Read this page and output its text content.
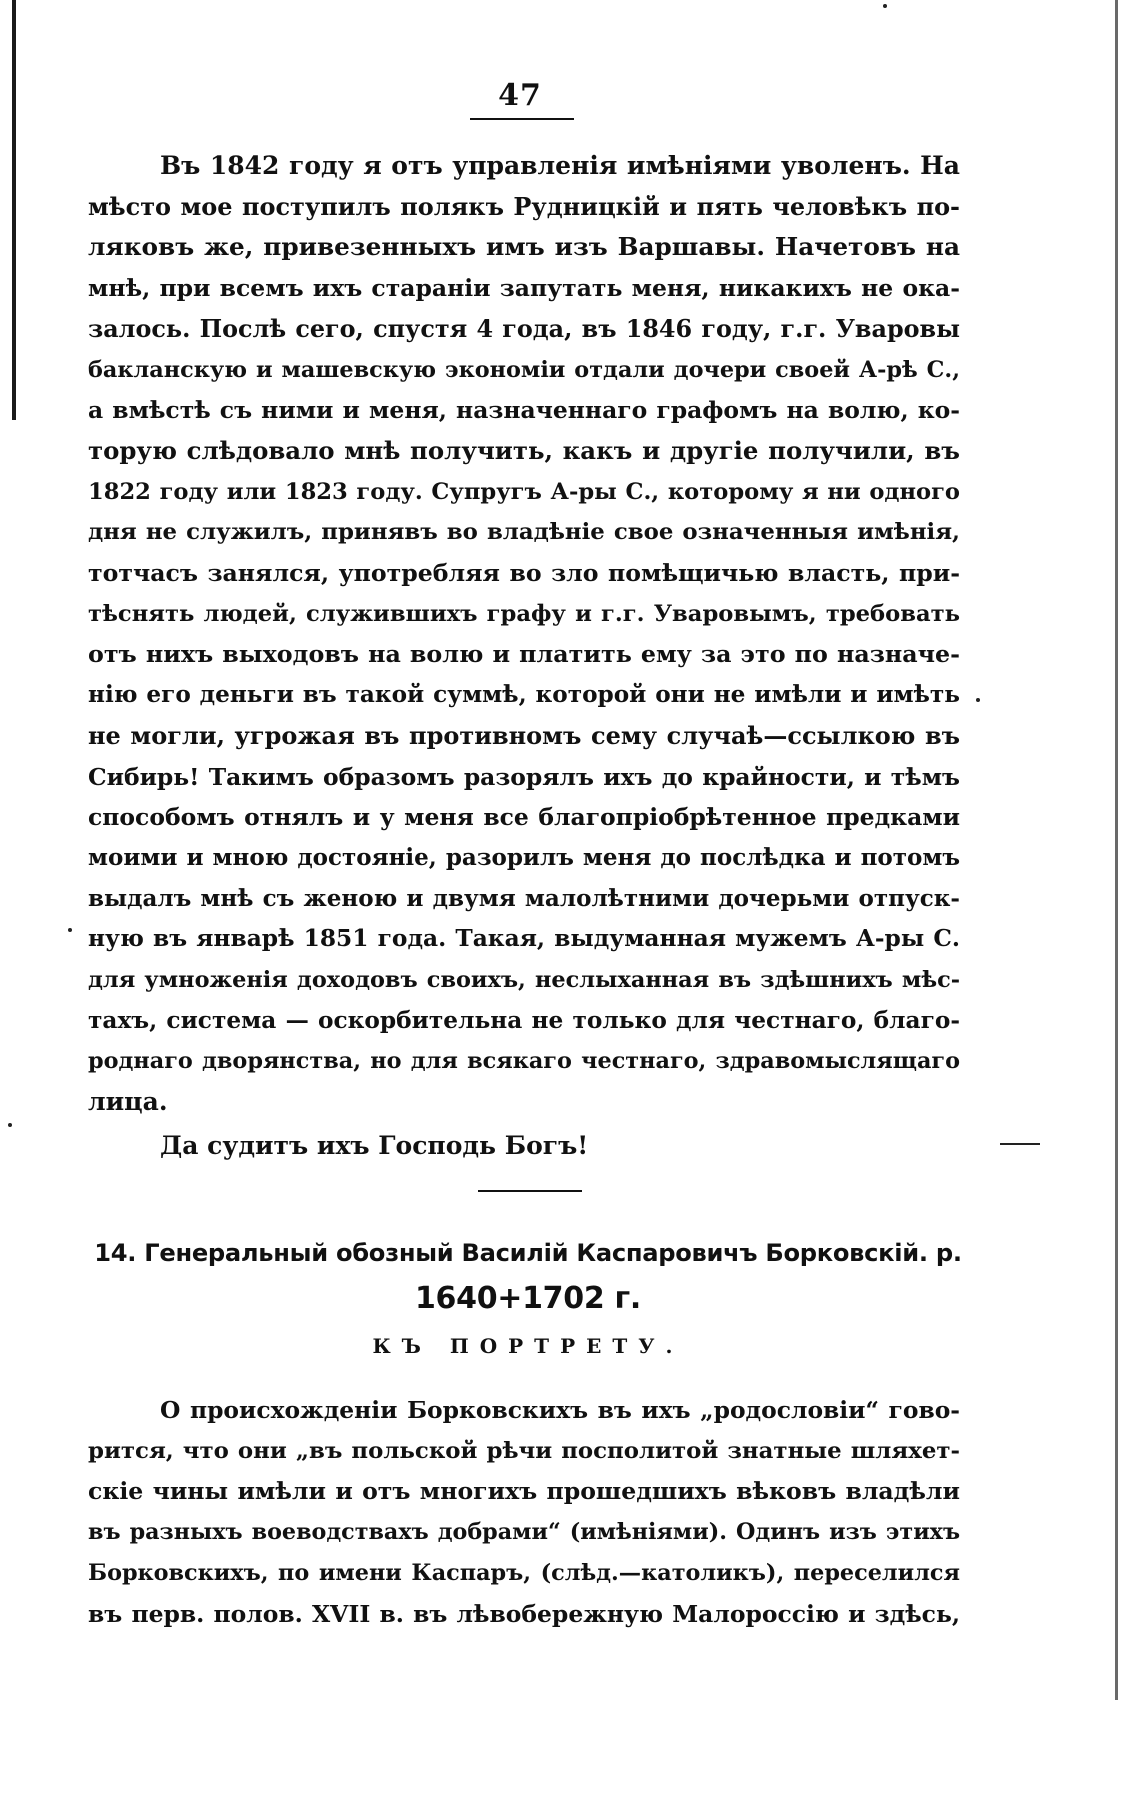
47
Въ 1842 году я отъ управленія имѣніями уволенъ. На
мѣсто мое поступилъ полякъ Рудницкій и пять человѣкъ по-
ляковъ же, привезенныхъ имъ изъ Варшавы. Начетовъ на
мнѣ, при всемъ ихъ стараніи запутать меня, никакихъ не ока-
залось. Послѣ сего, спустя 4 года, въ 1846 году, г.г. Уваровы
бакланскую и машевскую экономіи отдали дочери своей А-рѣ С.,
а вмѣстѣ съ ними и меня, назначеннаго графомъ на волю, ко-
торую слѣдовало мнѣ получить, какъ и другіе получили, въ
1822 году или 1823 году. Супругъ А-ры С., которому я ни одного
дня не служилъ, принявъ во владѣніе свое означенныя имѣнія,
тотчасъ занялся, употребляя во зло помѣщичью власть, при-
тѣснять людей, служившихъ графу и г.г. Уваровымъ, требовать
отъ нихъ выходовъ на волю и платить ему за это по назначе-
нію его деньги въ такой суммѣ, которой они не имѣли и имѣть
не могли, угрожая въ противномъ сему случаѣ—ссылкою въ
Сибирь! Такимъ образомъ разорялъ ихъ до крайности, и тѣмъ
способомъ отнялъ и у меня все благопріобрѣтенное предками
моими и мною достояніе, разорилъ меня до послѣдка и потомъ
выдалъ мнѣ съ женою и двумя малолѣтними дочерьми отпуск-
ную въ январѣ 1851 года. Такая, выдуманная мужемъ А-ры С.
для умноженія доходовъ своихъ, неслыханная въ здѣшнихъ мѣс-
тахъ, система — оскорбительна не только для честнаго, благо-
роднаго дворянства, но для всякаго честнаго, здравомыслящаго
лица.
Да судитъ ихъ Господь Богъ!
14. Генеральный обозный Василій Каспаровичъ Борковскій. р.
1640+1702 г.
КЪ ПОРТРЕТУ.
О происхожденіи Борковскихъ въ ихъ „родословіи“ гово-
рится, что они „въ польской рѣчи посполитой знатные шляхет-
скіе чины имѣли и отъ многихъ прошедшихъ вѣковъ владѣли
въ разныхъ воеводствахъ добрами“ (имѣніями). Одинъ изъ этихъ
Борковскихъ, по имени Каспаръ, (слѣд.—католикъ), переселился
въ перв. полов. XVII в. въ лѣвобережную Малороссію и здѣсь,
